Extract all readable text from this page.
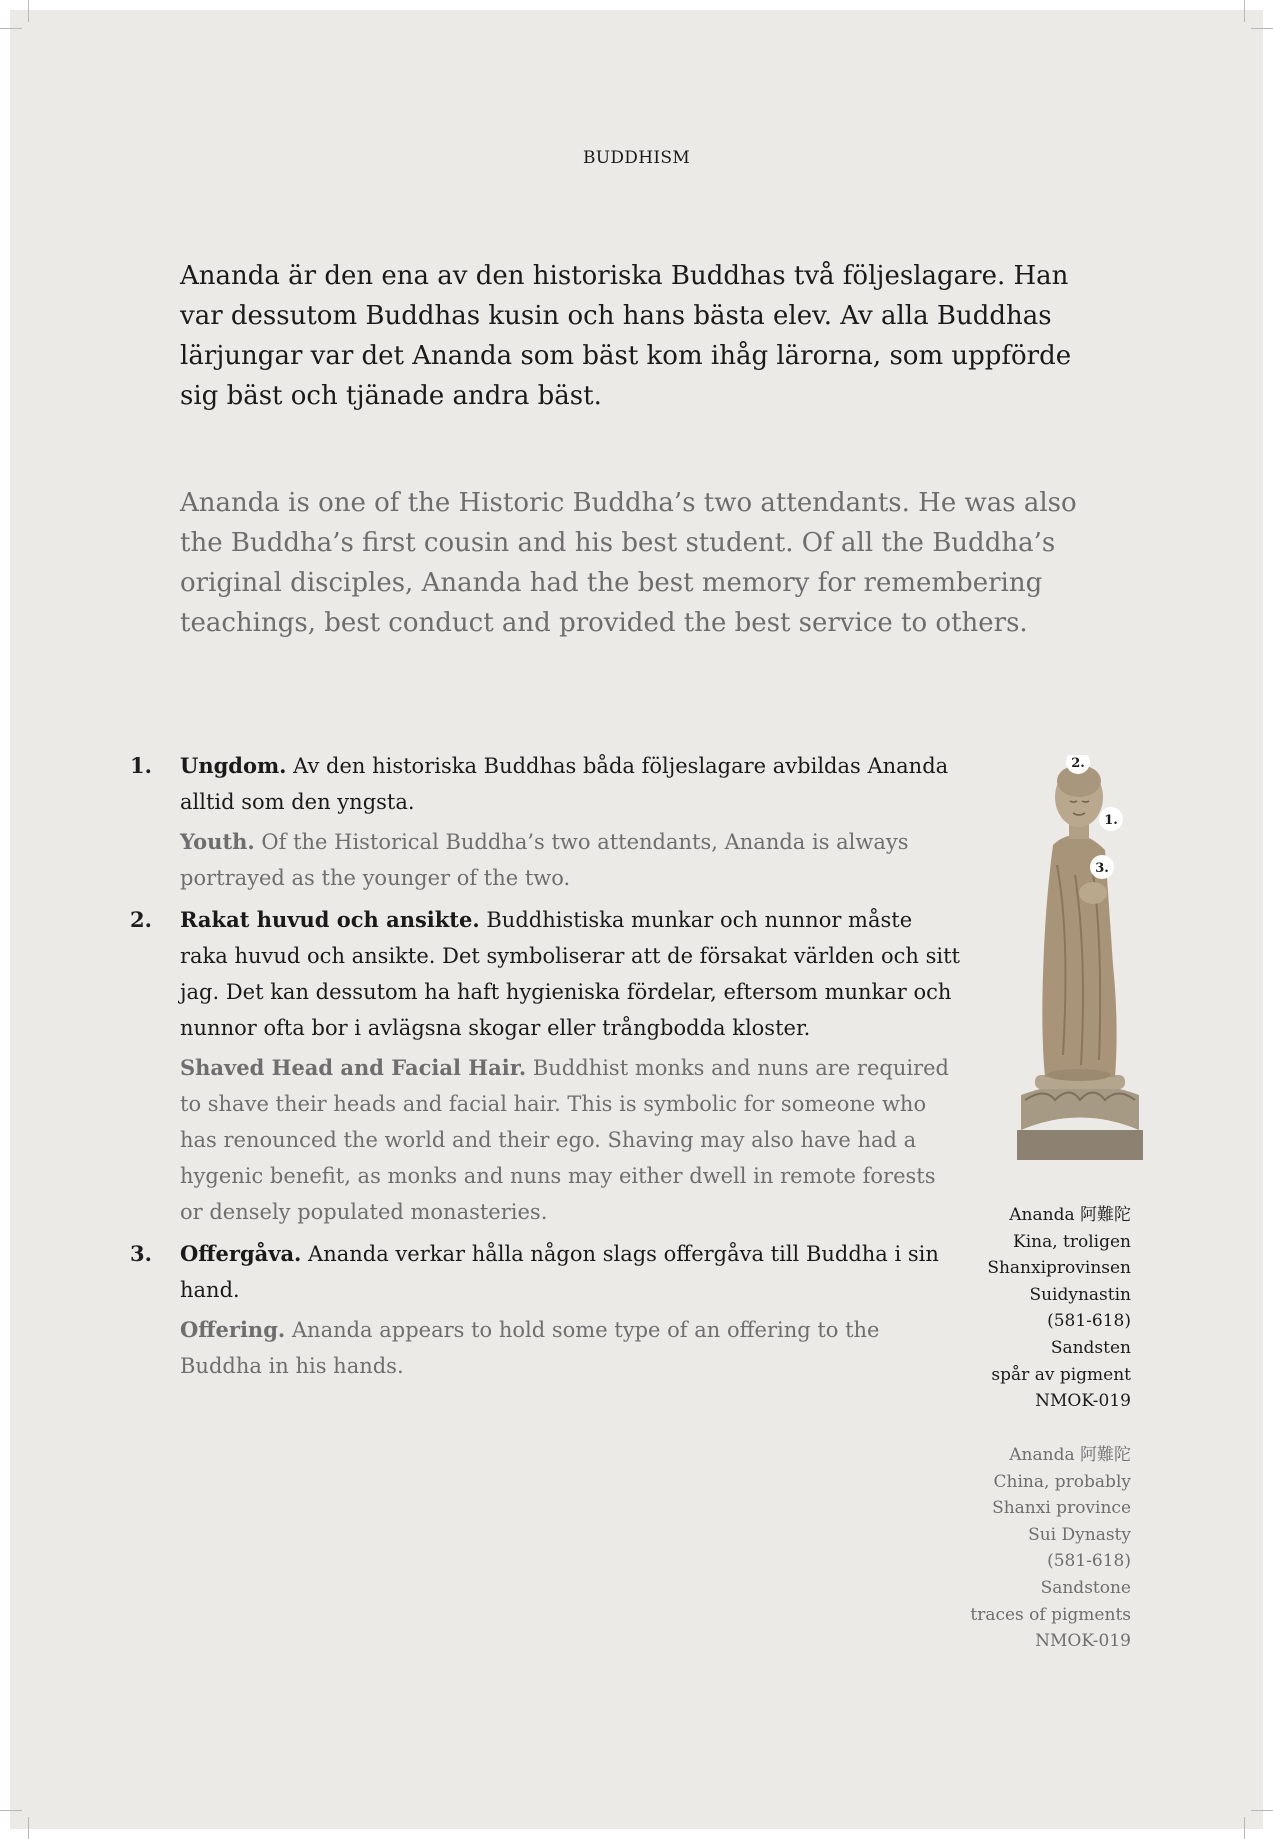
BUDDHISM

Ananda är den ena av den historiska Buddhas två följeslagare. Han var dessutom Buddhas kusin och hans bästa elev. Av alla Buddhas lärjungar var det Ananda som bäst kom ihåg lärorna, som uppförde sig bäst och tjänade andra bäst.

Ananda is one of the Historic Buddha’s two attendants. He was also the Buddha’s first cousin and his best student. Of all the Buddha’s original disciples, Ananda had the best memory for remembering teachings, best conduct and provided the best service to others.

1. Ungdom. Av den historiska Buddhas båda följeslagare avbildas Ananda alltid som den yngsta.

Youth. Of the Historical Buddha’s two attendants, Ananda is always portrayed as the younger of the two.

2. Rakat huvud och ansikte. Buddhistiska munkar och nunnor måste raka huvud och ansikte. Det symboliserar att de försakat världen och sitt jag. Det kan dessutom ha haft hygieniska fördelar, eftersom munkar och nunnor ofta bor i avlägsna skogar eller trångbodda kloster.

Shaved Head and Facial Hair. Buddhist monks and nuns are required to shave their heads and facial hair. This is symbolic for someone who has renounced the world and their ego. Shaving may also have had a hygenic benefit, as monks and nuns may either dwell in remote forests or densely populated monasteries.

3. Offergåva. Ananda verkar hålla någon slags offergåva till Buddha i sin hand.

Offering. Ananda appears to hold some type of an offering to the Buddha in his hands.

2.
1.
3.

Ananda 阿難陀
Kina, troligen
Shanxiprovinsen
Suidynastin
(581-618)
Sandsten
spår av pigment
NMOK-019

Ananda 阿難陀
China, probably
Shanxi province
Sui Dynasty
(581-618)
Sandstone
traces of pigments
NMOK-019
